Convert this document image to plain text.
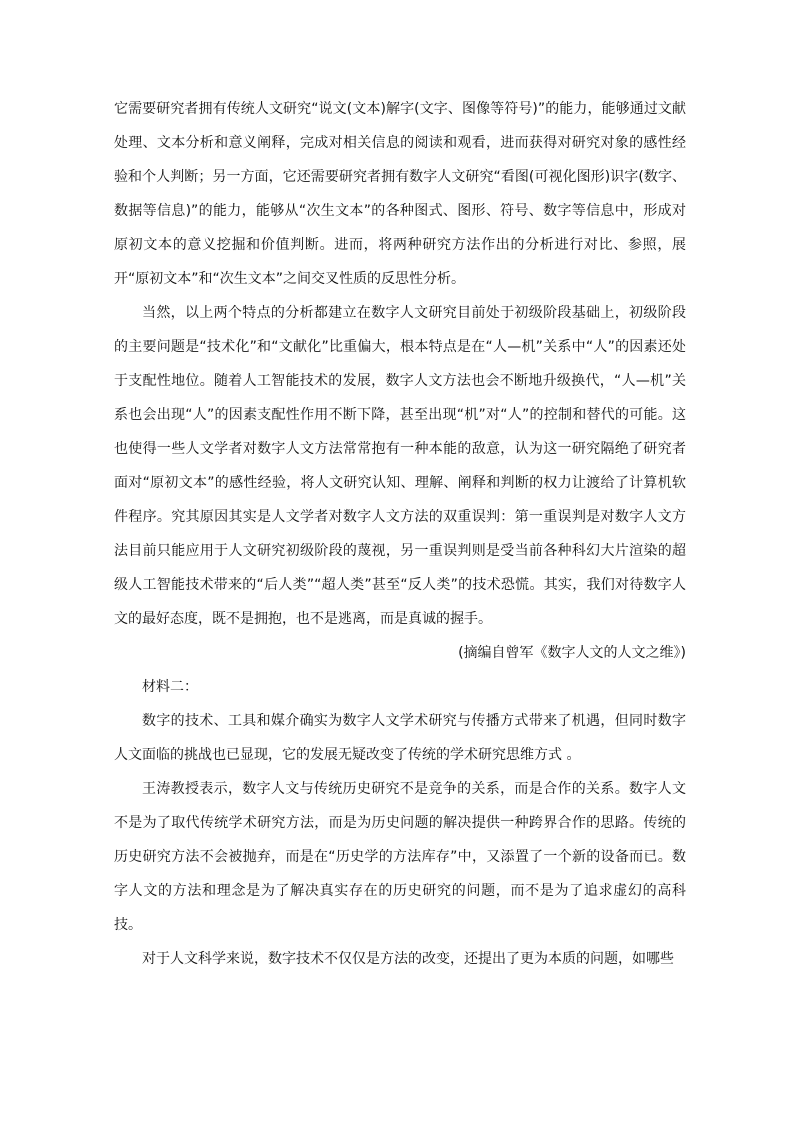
它需要研究者拥有传统人文研究“说文(文本)解字(文字、图像等符号)”的能力，能够通过文献处理、文本分析和意义阐释，完成对相关信息的阅读和观看，进而获得对研究对象的感性经验和个人判断；另一方面，它还需要研究者拥有数字人文研究“看图(可视化图形)识字(数字、数据等信息)”的能力，能够从“次生文本”的各种图式、图形、符号、数字等信息中，形成对原初文本的意义挖掘和价值判断。进而，将两种研究方法作出的分析进行对比、参照，展开“原初文本”和“次生文本”之间交叉性质的反思性分析。

当然，以上两个特点的分析都建立在数字人文研究目前处于初级阶段基础上，初级阶段的主要问题是“技术化”和“文献化”比重偏大，根本特点是在“人—机”关系中“人”的因素还处于支配性地位。随着人工智能技术的发展，数字人文方法也会不断地升级换代，“人—机”关系也会出现“人”的因素支配性作用不断下降，甚至出现“机”对“人”的控制和替代的可能。这也使得一些人文学者对数字人文方法常常抱有一种本能的敌意，认为这一研究隔绝了研究者面对“原初文本”的感性经验，将人文研究认知、理解、阐释和判断的权力让渡给了计算机软件程序。究其原因其实是人文学者对数字人文方法的双重误判：第一重误判是对数字人文方法目前只能应用于人文研究初级阶段的蔑视，另一重误判则是受当前各种科幻大片渲染的超级人工智能技术带来的“后人类”“超人类”甚至“反人类”的技术恐慌。其实，我们对待数字人文的最好态度，既不是拥抱，也不是逃离，而是真诚的握手。

(摘编自曾军《数字人文的人文之维》)

材料二：

数字的技术、工具和媒介确实为数字人文学术研究与传播方式带来了机遇，但同时数字人文面临的挑战也已显现，它的发展无疑改变了传统的学术研究思维方式 。

王涛教授表示，数字人文与传统历史研究不是竞争的关系，而是合作的关系。数字人文不是为了取代传统学术研究方法，而是为历史问题的解决提供一种跨界合作的思路。传统的历史研究方法不会被抛弃，而是在“历史学的方法库存”中，又添置了一个新的设备而已。数字人文的方法和理念是为了解决真实存在的历史研究的问题，而不是为了追求虚幻的高科技。

对于人文科学来说，数字技术不仅仅是方法的改变，还提出了更为本质的问题，如哪些
